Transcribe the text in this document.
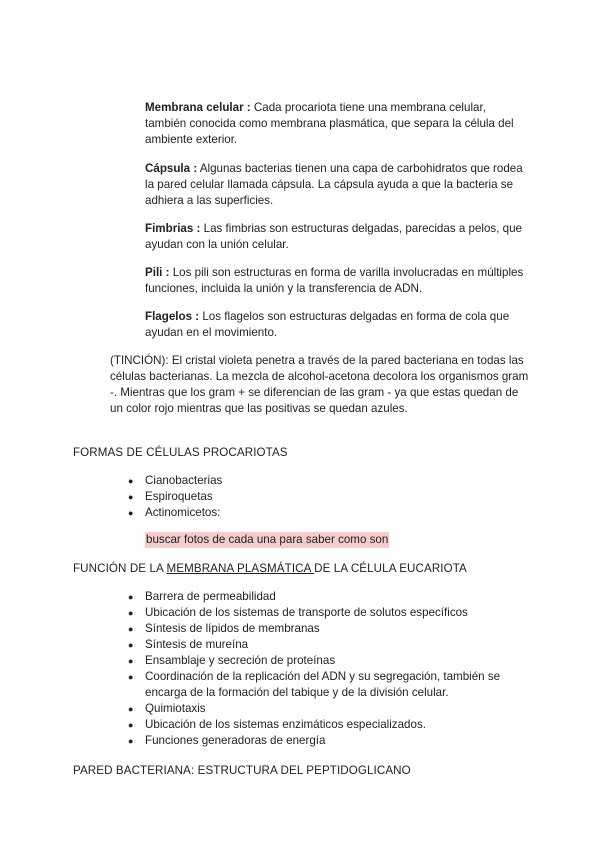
Membrana celular : Cada procariota tiene una membrana celular, también conocida como membrana plasmática, que separa la célula del ambiente exterior.
Cápsula : Algunas bacterias tienen una capa de carbohidratos que rodea la pared celular llamada cápsula. La cápsula ayuda a que la bacteria se adhiera a las superficies.
Fimbrias : Las fimbrias son estructuras delgadas, parecidas a pelos, que ayudan con la unión celular.
Pili : Los pili son estructuras en forma de varilla involucradas en múltiples funciones, incluida la unión y la transferencia de ADN.
Flagelos : Los flagelos son estructuras delgadas en forma de cola que ayudan en el movimiento.
(TINCIÓN): El cristal violeta penetra a través de la pared bacteriana en todas las células bacterianas. La mezcla de alcohol-acetona decolora los organismos gram -. Mientras que los gram + se diferencian de las gram - ya que estas quedan de un color rojo mientras que las positivas se quedan azules.
FORMAS DE CÉLULAS PROCARIOTAS
● Cianobacterias
● Espiroquetas
● Actinomicetos:
buscar fotos de cada una para saber como son
FUNCIÓN DE LA MEMBRANA PLASMÁTICA DE LA CÉLULA EUCARIOTA
● Barrera de permeabilidad
● Ubicación de los sistemas de transporte de solutos específicos
● Síntesis de lípidos de membranas
● Síntesis de mureína
● Ensamblaje y secreción de proteínas
● Coordinación de la replicación del ADN y su segregación, también se encarga de la formación del tabique y de la división celular.
● Quimiotaxis
● Ubicación de los sistemas enzimáticos especializados.
● Funciones generadoras de energía
PARED BACTERIANA: ESTRUCTURA DEL PEPTIDOGLICANO
